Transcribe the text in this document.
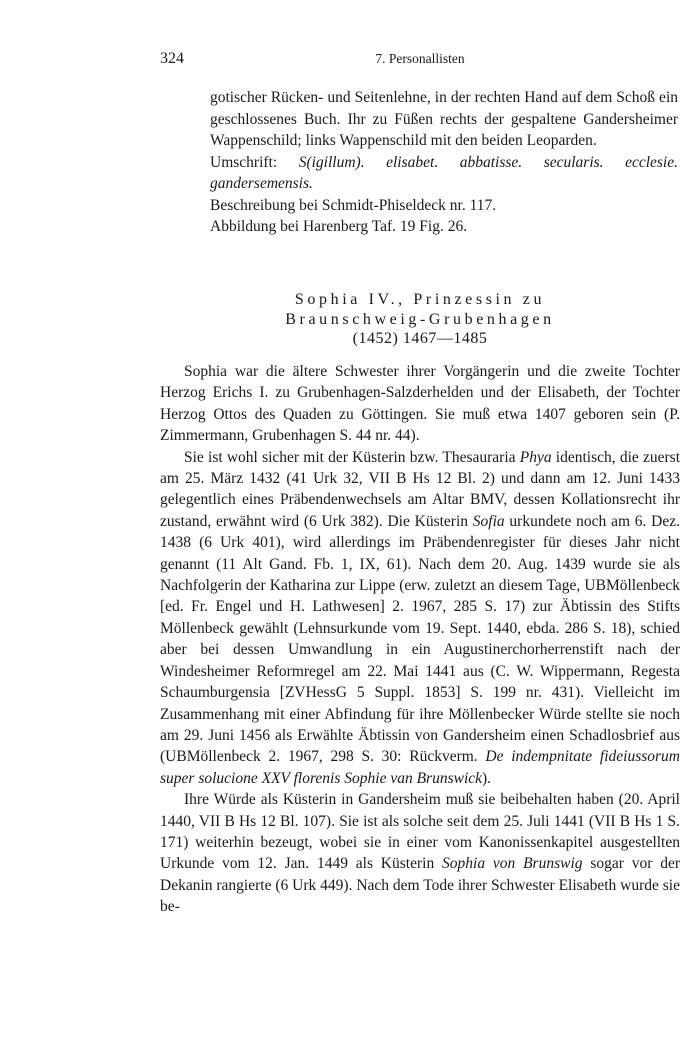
324	7. Personallisten

gotischer Rücken- und Seitenlehne, in der rechten Hand auf dem Schoß ein geschlossenes Buch. Ihr zu Füßen rechts der gespaltene Gandersheimer Wappenschild; links Wappenschild mit den beiden Leoparden.

Umschrift: S(igillum). elisabet. abbatisse. secularis. ecclesie. gandersemensis.

Beschreibung bei Schmidt-Phiseldeck nr. 117.

Abbildung bei Harenberg Taf. 19 Fig. 26.

Sophia IV., Prinzessin zu
Braunschweig-Grubenhagen
(1452) 1467—1485

Sophia war die ältere Schwester ihrer Vorgängerin und die zweite Tochter Herzog Erichs I. zu Grubenhagen-Salzderhelden und der Elisabeth, der Tochter Herzog Ottos des Quaden zu Göttingen. Sie muß etwa 1407 geboren sein (P. Zimmermann, Grubenhagen S. 44 nr. 44).

Sie ist wohl sicher mit der Küsterin bzw. Thesauraria Phya identisch, die zuerst am 25. März 1432 (41 Urk 32, VII B Hs 12 Bl. 2) und dann am 12. Juni 1433 gelegentlich eines Präbendenwechsels am Altar BMV, dessen Kollationsrecht ihr zustand, erwähnt wird (6 Urk 382). Die Küsterin Sofia urkundete noch am 6. Dez. 1438 (6 Urk 401), wird allerdings im Präbendenregister für dieses Jahr nicht genannt (11 Alt Gand. Fb. 1, IX, 61). Nach dem 20. Aug. 1439 wurde sie als Nachfolgerin der Katharina zur Lippe (erw. zuletzt an diesem Tage, UBMöllenbeck [ed. Fr. Engel und H. Lathwesen] 2. 1967, 285 S. 17) zur Äbtissin des Stifts Möllenbeck gewählt (Lehnsurkunde vom 19. Sept. 1440, ebda. 286 S. 18), schied aber bei dessen Umwandlung in ein Augustinerchorherrenstift nach der Windesheimer Reformregel am 22. Mai 1441 aus (C. W. Wippermann, Regesta Schaumburgensia [ZVHessG 5 Suppl. 1853] S. 199 nr. 431). Vielleicht im Zusammenhang mit einer Abfindung für ihre Möllenbecker Würde stellte sie noch am 29. Juni 1456 als Erwählte Äbtissin von Gandersheim einen Schadlosbrief aus (UBMöllenbeck 2. 1967, 298 S. 30: Rückverm. De indempnitate fideiussorum super solucione XXV florenis Sophie van Brunswick).

Ihre Würde als Küsterin in Gandersheim muß sie beibehalten haben (20. April 1440, VII B Hs 12 Bl. 107). Sie ist als solche seit dem 25. Juli 1441 (VII B Hs 1 S. 171) weiterhin bezeugt, wobei sie in einer vom Kanonissenkapitel ausgestellten Urkunde vom 12. Jan. 1449 als Küsterin Sophia von Brunswig sogar vor der Dekanin rangierte (6 Urk 449). Nach dem Tode ihrer Schwester Elisabeth wurde sie be-
